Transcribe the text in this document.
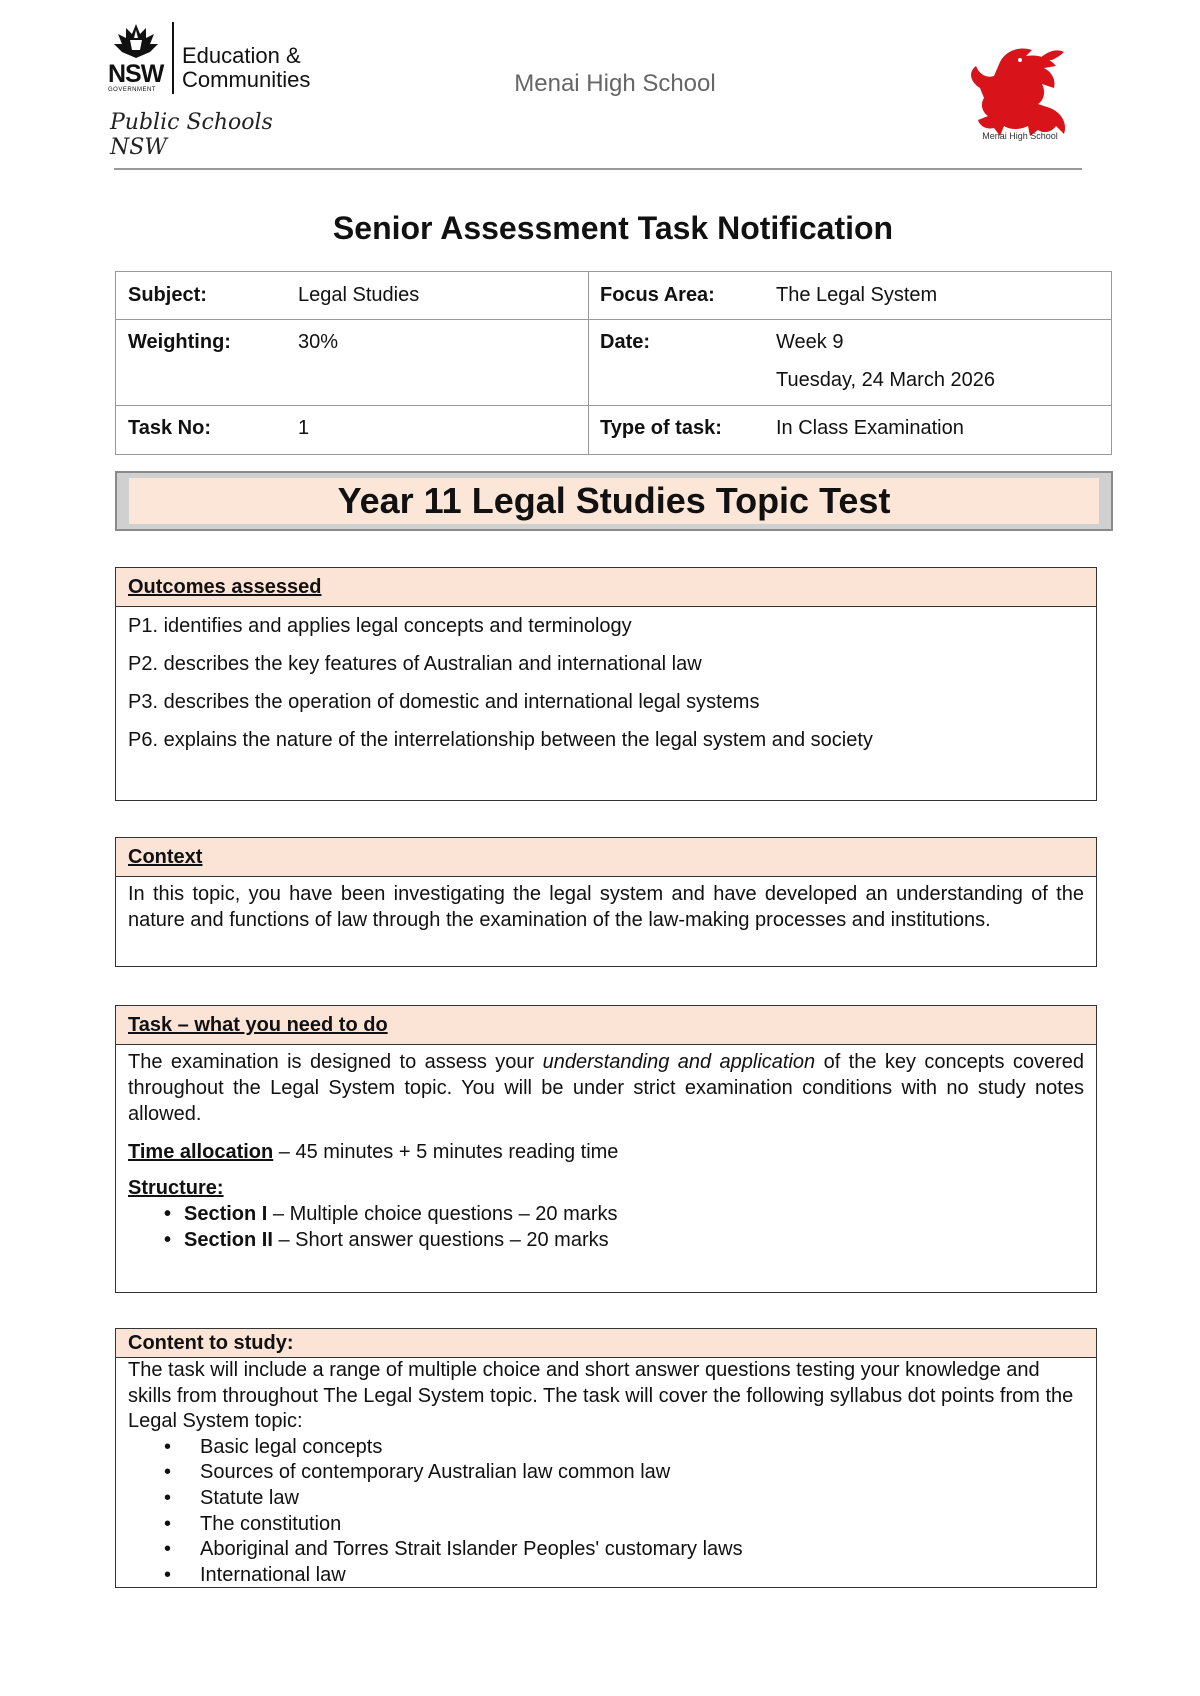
NSW
GOVERNMENT
Education &
Communities
Public Schools NSW
Menai High School
Menai High School
Senior Assessment Task Notification
Subject:	Legal Studies	Focus Area:	The Legal System
Weighting:	30%	Date:	Week 9
Tuesday, 24 March 2026
Task No:	1	Type of task:	In Class Examination
Year 11 Legal Studies Topic Test
Outcomes assessed
P1. identifies and applies legal concepts and terminology
P2. describes the key features of Australian and international law
P3. describes the operation of domestic and international legal systems
P6. explains the nature of the interrelationship between the legal system and society
Context
In this topic, you have been investigating the legal system and have developed an understanding of the nature and functions of law through the examination of the law-making processes and institutions.
Task – what you need to do

The examination is designed to assess your understanding and application of the key concepts covered throughout the Legal System topic. You will be under strict examination conditions with no study notes allowed.

Time allocation – 45 minutes + 5 minutes reading time

Structure:

• Section I – Multiple choice questions – 20 marks
• Section II – Short answer questions – 20 marks
Content to study:

The task will include a range of multiple choice and short answer questions testing your knowledge and skills from throughout The Legal System topic. The task will cover the following syllabus dot points from the Legal System topic:

• Basic legal concepts
• Sources of contemporary Australian law common law
• Statute law
• The constitution
• Aboriginal and Torres Strait Islander Peoples' customary laws
• International law
